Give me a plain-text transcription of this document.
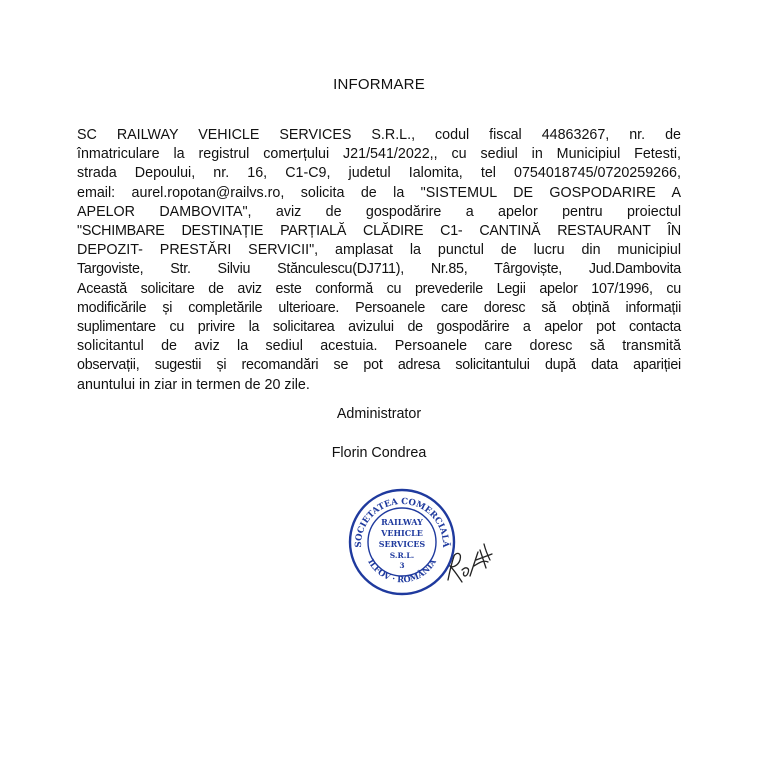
INFORMARE
SC RAILWAY VEHICLE SERVICES S.R.L., codul fiscal 44863267, nr. de
înmatriculare la registrul comerțului J21/541/2022,, cu sediul in Municipiul Fetesti,
strada Depoului, nr. 16, C1-C9, judetul Ialomita, tel 0754018745/0720259266,
email: aurel.ropotan@railvs.ro, solicita de la "SISTEMUL DE GOSPODARIRE A
APELOR DAMBOVITA", aviz de gospodărire a apelor pentru proiectul
"SCHIMBARE DESTINAȚIE PARȚIALĂ CLĂDIRE C1- CANTINĂ RESTAURANT ÎN
DEPOZIT- PRESTĂRI SERVICII", amplasat la punctul de lucru din municipiul
Targoviste, Str. Silviu Stănculescu(DJ711), Nr.85, Târgoviște, Jud.Dambovita
Această solicitare de aviz este conformă cu prevederile Legii apelor 107/1996, cu
modificările și completările ulterioare. Persoanele care doresc să obțină informații
suplimentare cu privire la solicitarea avizului de gospodărire a apelor pot contacta
solicitantul de aviz la sediul acestuia. Persoanele care doresc să transmită
observații, sugestii și recomandări se pot adresa solicitantului după data apariției
anuntului in ziar in termen de 20 zile.
Administrator
Florin Condrea
SOCIETATEA COMERCIALĂ
ILFOV · ROMÂNIA
RAILWAY
VEHICLE
SERVICES
S.R.L.
3
